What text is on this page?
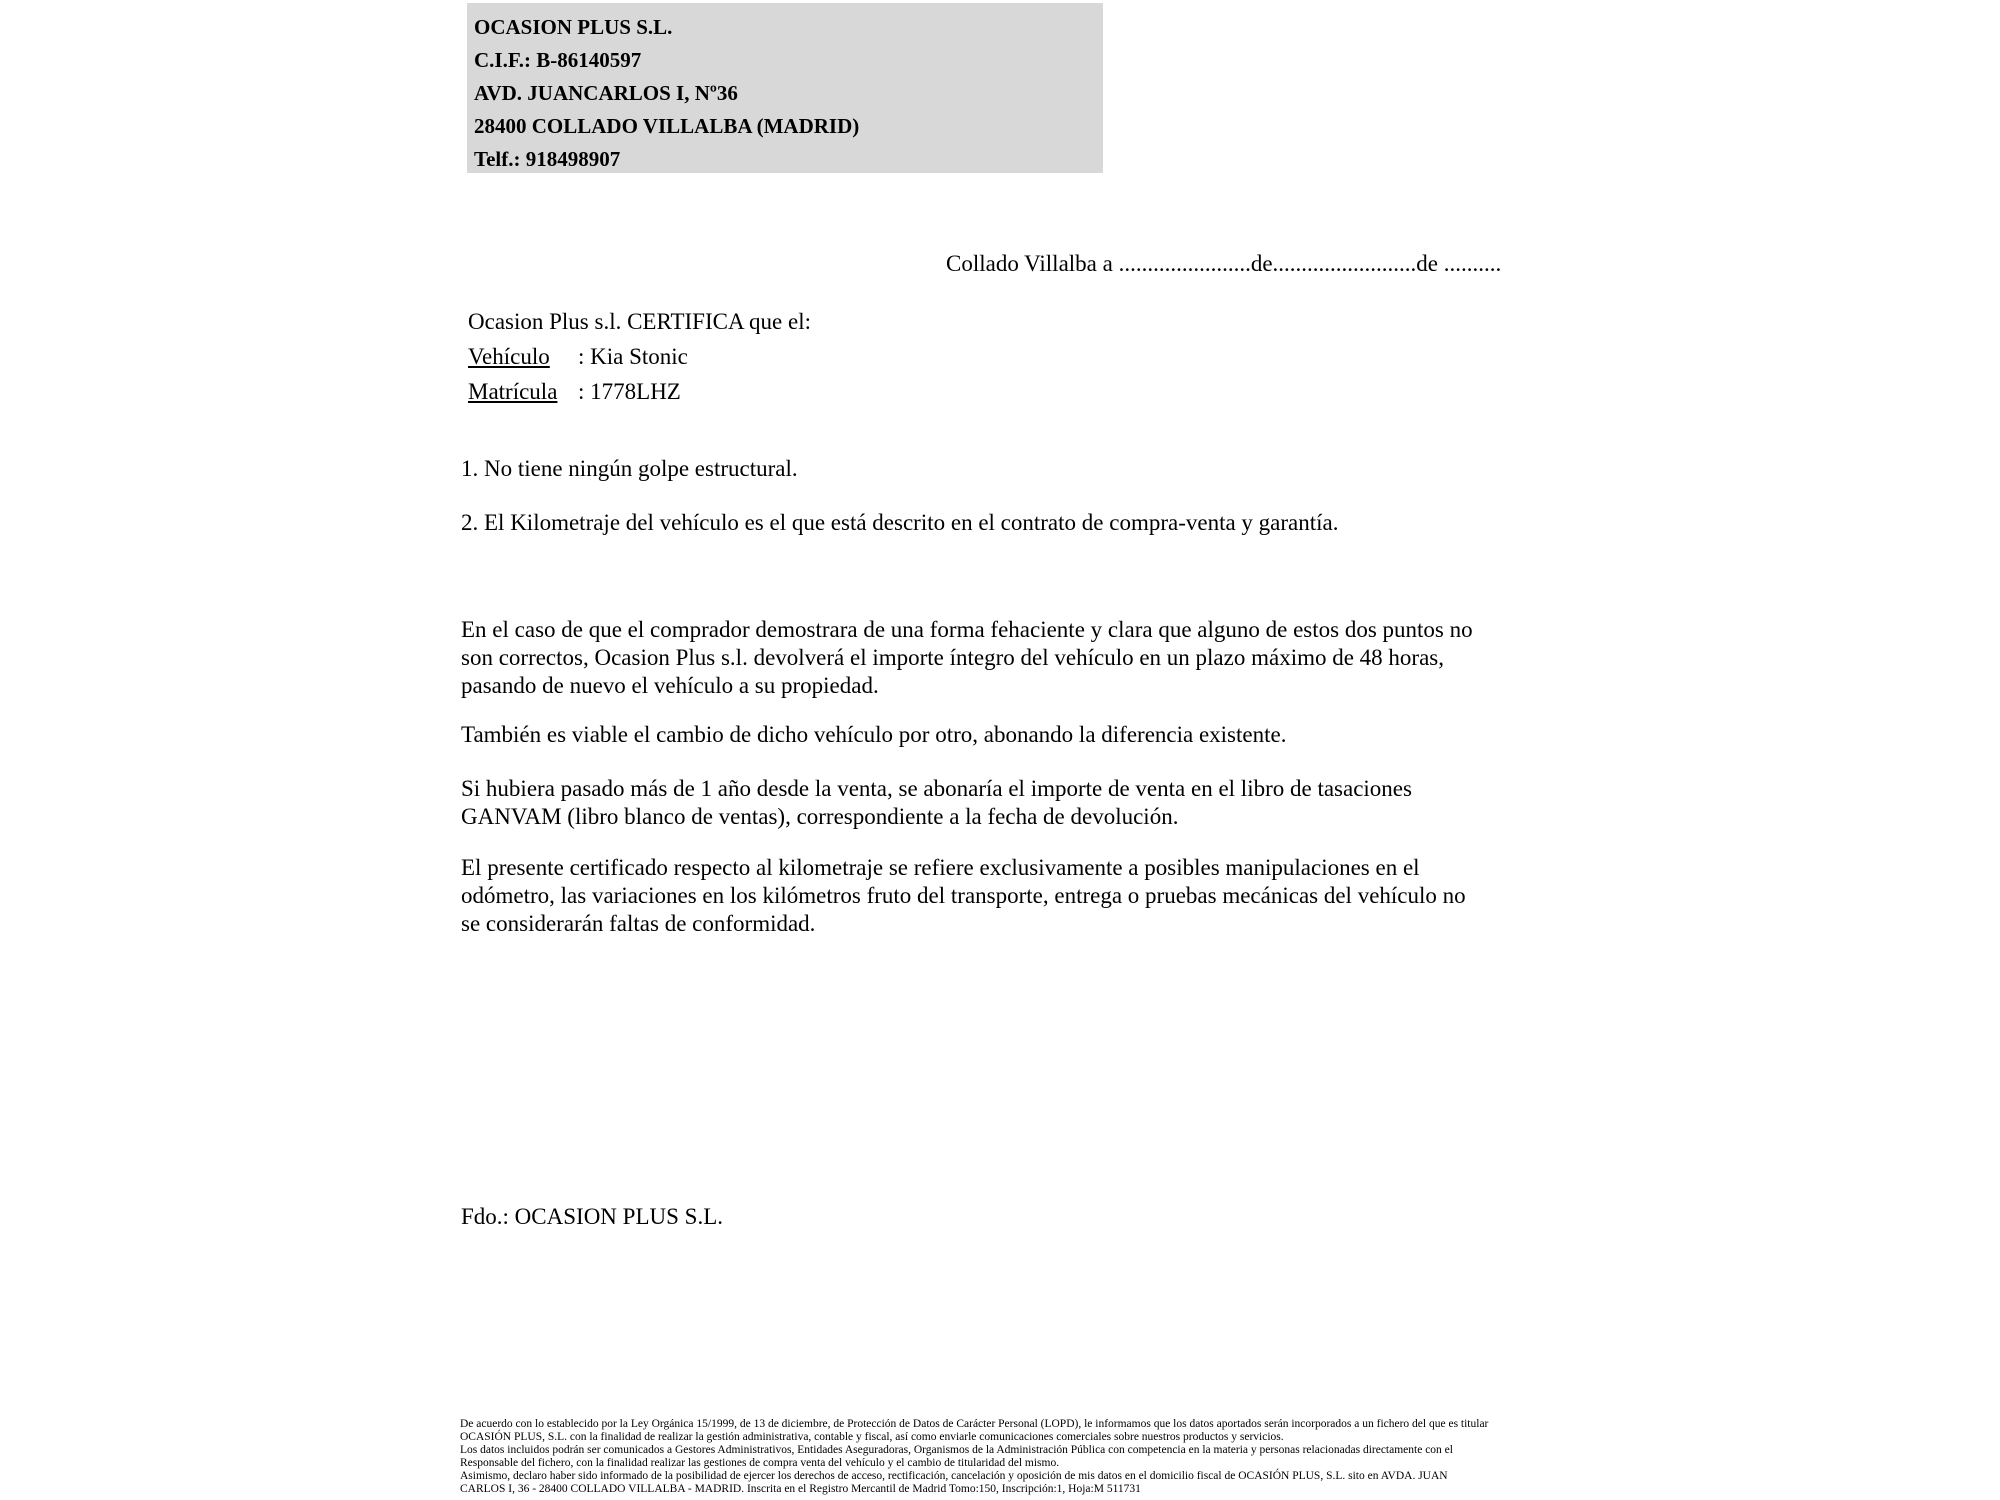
OCASION PLUS S.L.
C.I.F.: B-86140597
AVD. JUANCARLOS I, Nº36
28400 COLLADO VILLALBA (MADRID)
Telf.: 918498907
Collado Villalba a .......................de.........................de ..........
Ocasion Plus s.l. CERTIFICA que el:
Vehículo : Kia Stonic
Matrícula : 1778LHZ
1. No tiene ningún golpe estructural.
2. El Kilometraje del vehículo es el que está descrito en el contrato de compra-venta y garantía.
En el caso de que el comprador demostrara de una forma fehaciente y clara que alguno de estos dos puntos no
son correctos, Ocasion Plus s.l. devolverá el importe íntegro del vehículo en un plazo máximo de 48 horas,
pasando de nuevo el vehículo a su propiedad.
También es viable el cambio de dicho vehículo por otro, abonando la diferencia existente.
Si hubiera pasado más de 1 año desde la venta, se abonaría el importe de venta en el libro de tasaciones
GANVAM (libro blanco de ventas), correspondiente a la fecha de devolución.
El presente certificado respecto al kilometraje se refiere exclusivamente a posibles manipulaciones en el
odómetro, las variaciones en los kilómetros fruto del transporte, entrega o pruebas mecánicas del vehículo no
se considerarán faltas de conformidad.
Fdo.: OCASION PLUS S.L.
De acuerdo con lo establecido por la Ley Orgánica 15/1999, de 13 de diciembre, de Protección de Datos de Carácter Personal (LOPD), le informamos que los datos aportados serán incorporados a un fichero del que es titular
OCASIÓN PLUS, S.L. con la finalidad de realizar la gestión administrativa, contable y fiscal, así como enviarle comunicaciones comerciales sobre nuestros productos y servicios.
Los datos incluidos podrán ser comunicados a Gestores Administrativos, Entidades Aseguradoras, Organismos de la Administración Pública con competencia en la materia y personas relacionadas directamente con el
Responsable del fichero, con la finalidad realizar las gestiones de compra venta del vehículo y el cambio de titularidad del mismo.
Asimismo, declaro haber sido informado de la posibilidad de ejercer los derechos de acceso, rectificación, cancelación y oposición de mis datos en el domicilio fiscal de OCASIÓN PLUS, S.L. sito en AVDA. JUAN
CARLOS I, 36 - 28400 COLLADO VILLALBA - MADRID. Inscrita en el Registro Mercantil de Madrid Tomo:150, Inscripción:1, Hoja:M 511731
